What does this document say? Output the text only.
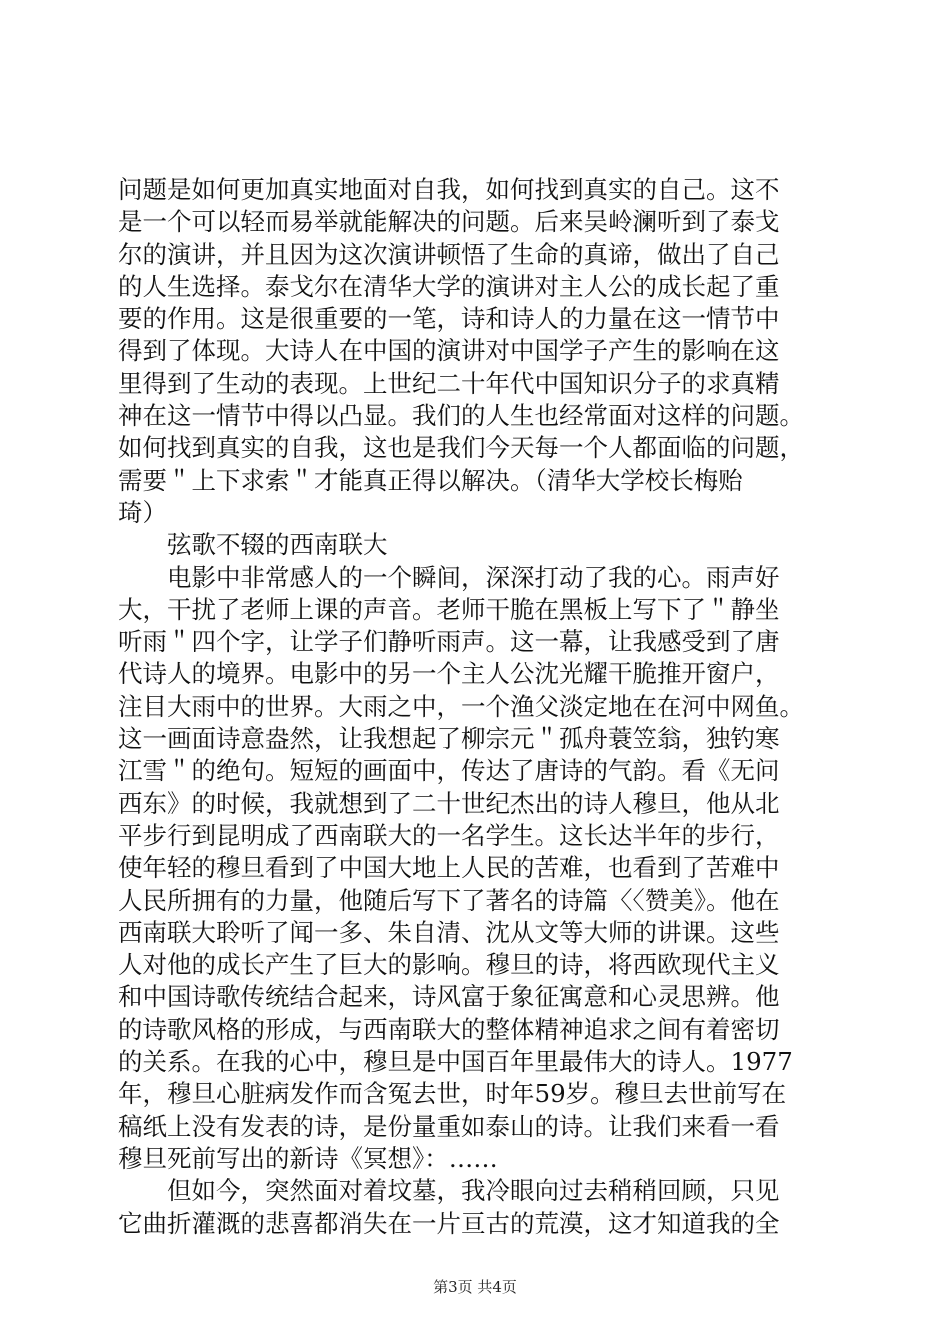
问题是如何更加真实地面对自我，如何找到真实的自己。这不
是一个可以轻而易举就能解决的问题。后来吴岭澜听到了泰戈
尔的演讲，并且因为这次演讲顿悟了生命的真谛，做出了自己
的人生选择。泰戈尔在清华大学的演讲对主人公的成长起了重
要的作用。这是很重要的一笔，诗和诗人的力量在这一情节中
得到了体现。大诗人在中国的演讲对中国学子产生的影响在这
里得到了生动的表现。上世纪二十年代中国知识分子的求真精
神在这一情节中得以凸显。我们的人生也经常面对这样的问题。
如何找到真实的自我，这也是我们今天每一个人都面临的问题，
需要＂上下求索＂才能真正得以解决。（清华大学校长梅贻
琦）
　　弦歌不辍的西南联大
　　电影中非常感人的一个瞬间，深深打动了我的心。雨声好
大，干扰了老师上课的声音。老师干脆在黑板上写下了＂静坐
听雨＂四个字，让学子们静听雨声。这一幕，让我感受到了唐
代诗人的境界。电影中的另一个主人公沈光耀干脆推开窗户，
注目大雨中的世界。大雨之中，一个渔父淡定地在在河中网鱼。
这一画面诗意盎然，让我想起了柳宗元＂孤舟蓑笠翁，独钓寒
江雪＂的绝句。短短的画面中，传达了唐诗的气韵。看《无问
西东》的时候，我就想到了二十世纪杰出的诗人穆旦，他从北
平步行到昆明成了西南联大的一名学生。这长达半年的步行，
使年轻的穆旦看到了中国大地上人民的苦难，也看到了苦难中
人民所拥有的力量，他随后写下了著名的诗篇〈〈赞美》。他在
西南联大聆听了闻一多、朱自清、沈从文等大师的讲课。这些
人对他的成长产生了巨大的影响。穆旦的诗，将西欧现代主义
和中国诗歌传统结合起来，诗风富于象征寓意和心灵思辨。他
的诗歌风格的形成，与西南联大的整体精神追求之间有着密切
的关系。在我的心中，穆旦是中国百年里最伟大的诗人。1977
年，穆旦心脏病发作而含冤去世，时年59岁。穆旦去世前写在
稿纸上没有发表的诗，是份量重如泰山的诗。让我们来看一看
穆旦死前写出的新诗《冥想》：……
　　但如今，突然面对着坟墓，我冷眼向过去稍稍回顾，只见
它曲折灌溉的悲喜都消失在一片亘古的荒漠，这才知道我的全
第3页 共4页
